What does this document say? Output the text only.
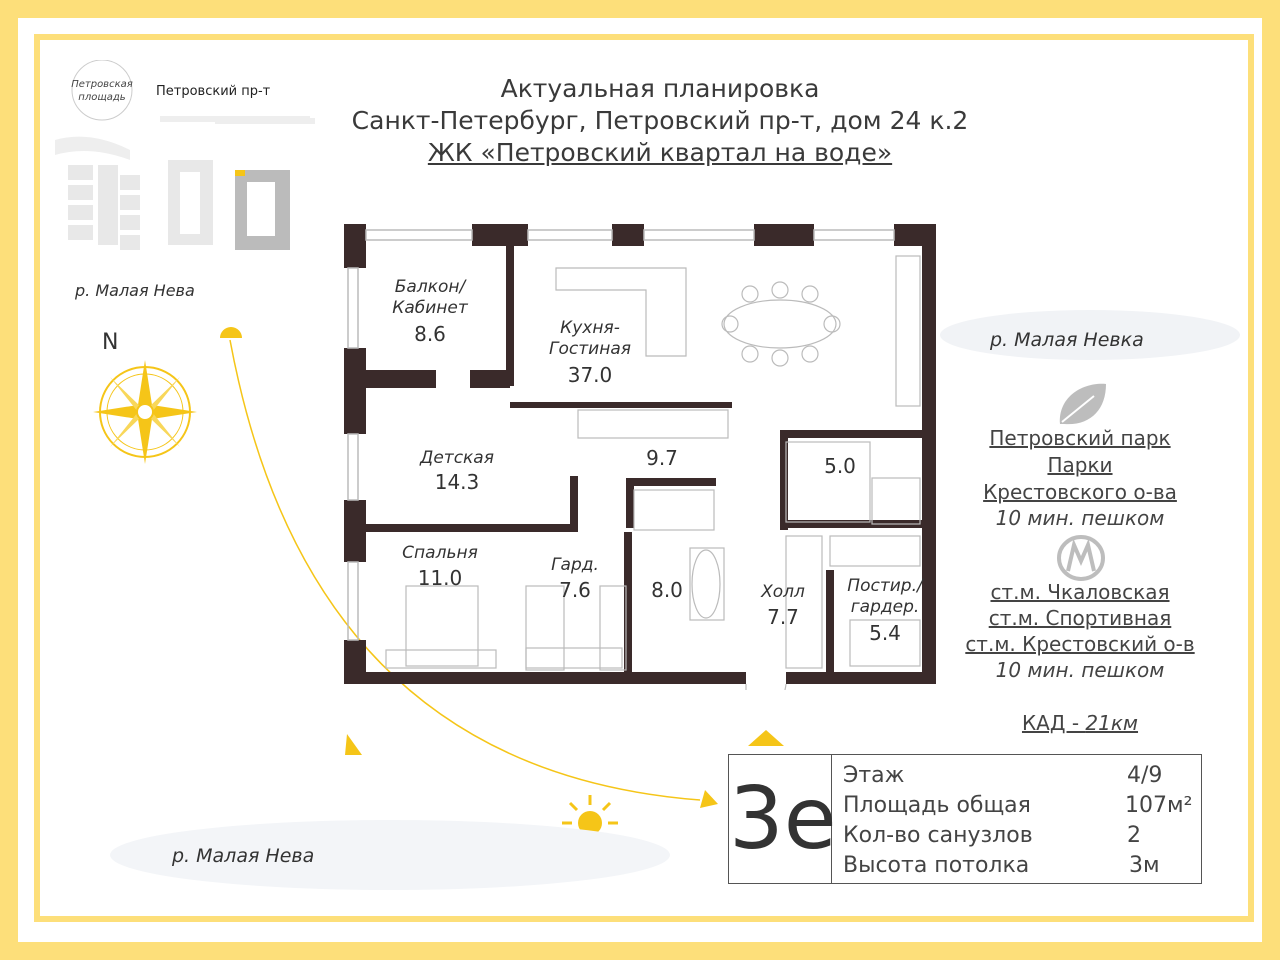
Актуальная планировка
Санкт-Петербург, Петровский пр-т, дом 24 к.2
ЖК «Петровский квартал на воде»
Петровская площадь	Петровский пр-т
р. Малая Нева
N	р. Малая Невка
р. Малая Нева
Балкон/
Кабинет
8.6	Кухня-
Гостиная
37.0
Детская
14.3
9.7	5.0
Спальня
11.0
Гард.
7.6	8.0	Холл
7.7
Постир./
гардер.
5.4
Петровский парк
Парки
Крестовского о-ва
10 мин. пешком
ст.м. Чкаловская
ст.м. Спортивная
ст.м. Крестовский о-в
10 мин. пешком
КАД - 21км
3е Этаж	4/9
Площадь общая	107м²
Кол-во санузлов	2
Высота потолка	3м
Домклик
